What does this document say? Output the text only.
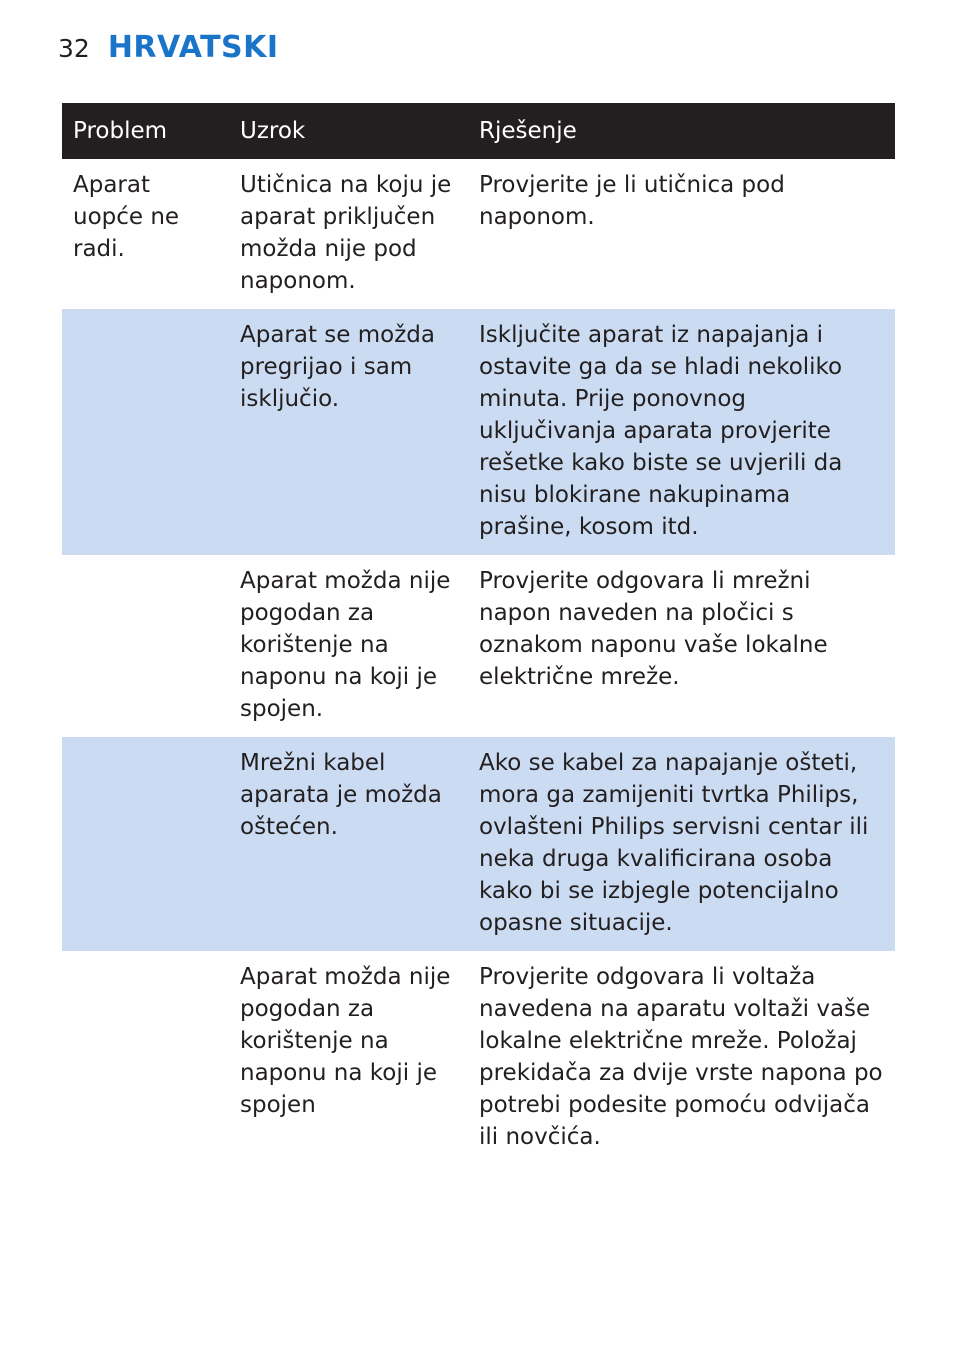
32 HRVATSKI
Problem	Uzrok	Rješenje
Aparat uopće ne radi.	Utičnica na koju je aparat priključen možda nije pod naponom.	Provjerite je li utičnica pod naponom.
	Aparat se možda pregrijao i sam isključio.	Isključite aparat iz napajanja i ostavite ga da se hladi nekoliko minuta. Prije ponovnog uključivanja aparata provjerite rešetke kako biste se uvjerili da nisu blokirane nakupinama prašine, kosom itd.
	Aparat možda nije pogodan za korištenje na naponu na koji je spojen.	Provjerite odgovara li mrežni napon naveden na pločici s oznakom naponu vaše lokalne električne mreže.
	Mrežni kabel aparata je možda oštećen.	Ako se kabel za napajanje ošteti, mora ga zamijeniti tvrtka Philips, ovlašteni Philips servisni centar ili neka druga kvalificirana osoba kako bi se izbjegle potencijalno opasne situacije.
	Aparat možda nije pogodan za korištenje na naponu na koji je spojen	Provjerite odgovara li voltaža navedena na aparatu voltaži vaše lokalne električne mreže. Položaj prekidača za dvije vrste napona po potrebi podesite pomoću odvijača ili novčića.
